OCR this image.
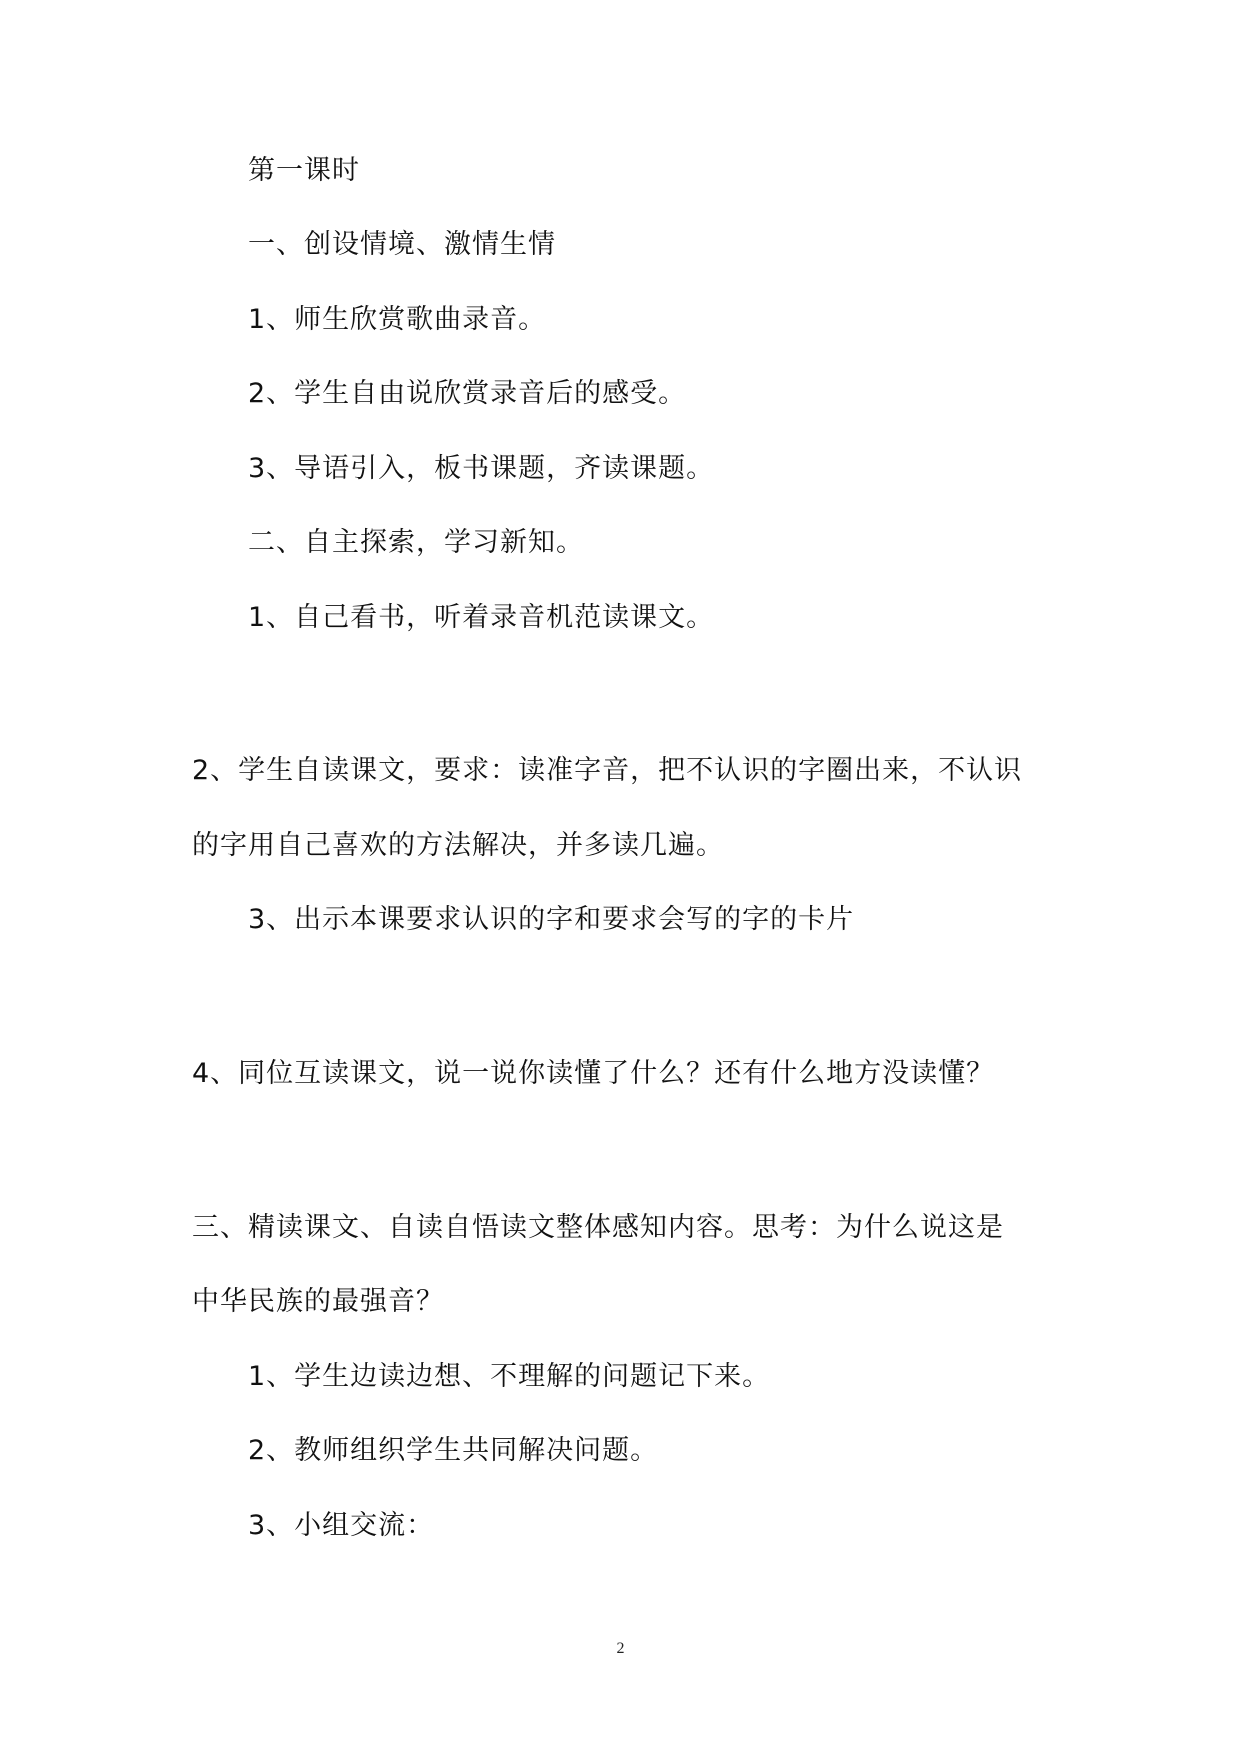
第一课时
一、创设情境、激情生情
1、师生欣赏歌曲录音。
2、学生自由说欣赏录音后的感受。
3、导语引入，板书课题，齐读课题。
二、自主探索，学习新知。
1、自己看书，听着录音机范读课文。
2、学生自读课文，要求：读准字音，把不认识的字圈出来，不认识
的字用自己喜欢的方法解决，并多读几遍。
3、出示本课要求认识的字和要求会写的字的卡片
4、同位互读课文，说一说你读懂了什么？还有什么地方没读懂？
三、精读课文、自读自悟读文整体感知内容。思考：为什么说这是
中华民族的最强音？
1、学生边读边想、不理解的问题记下来。
2、教师组织学生共同解决问题。
3、小组交流：
2
